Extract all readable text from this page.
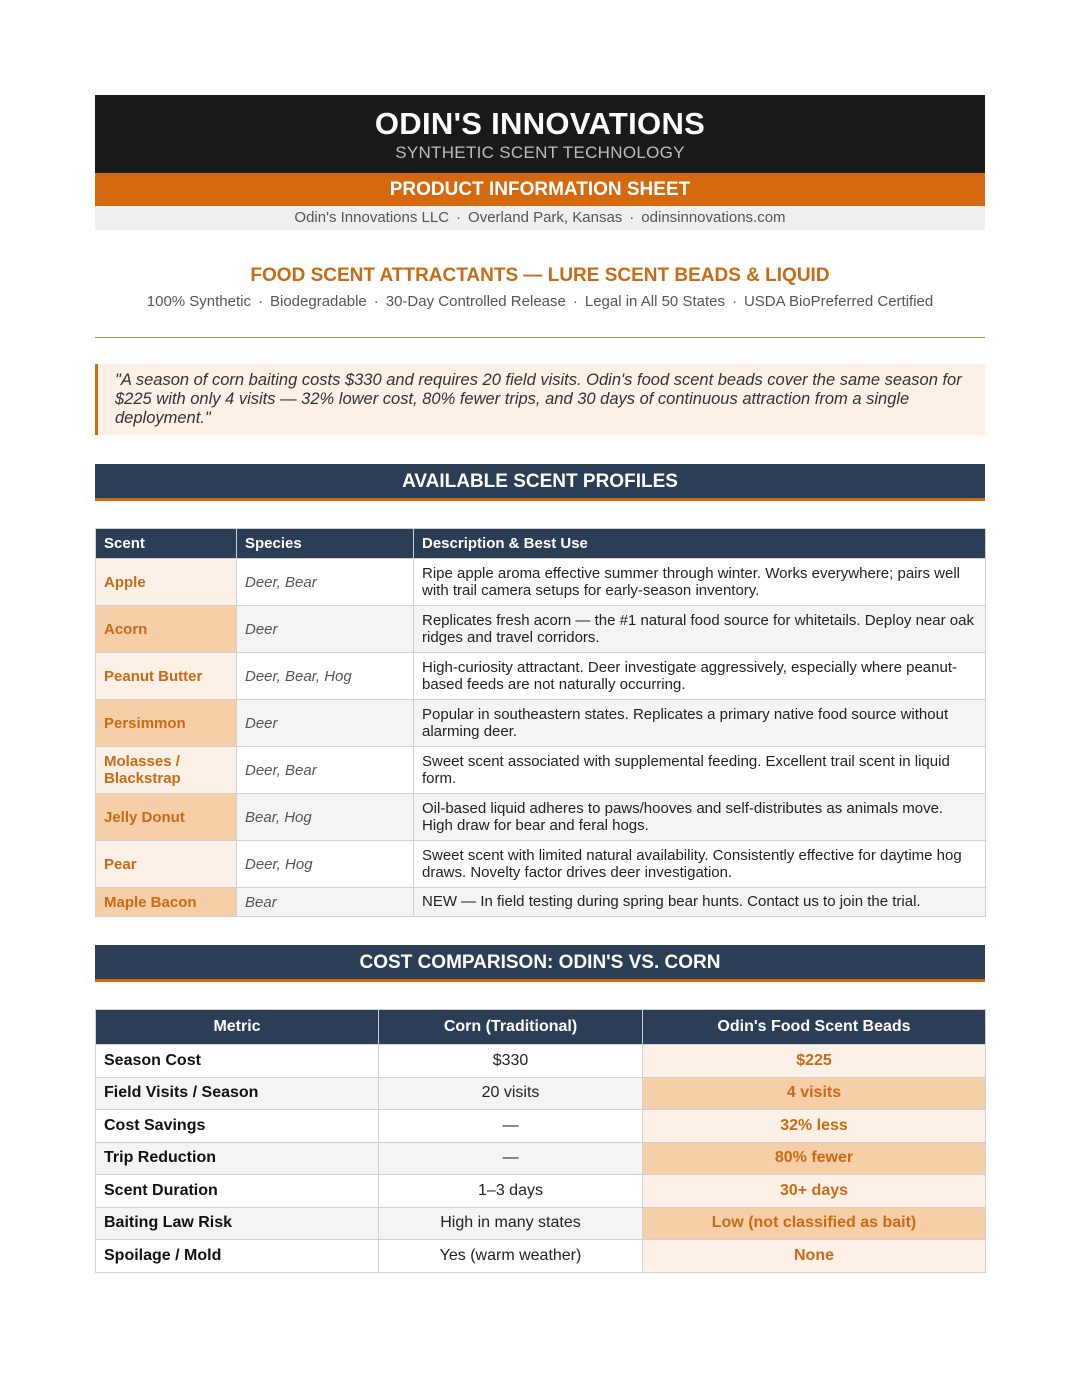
ODIN'S INNOVATIONS
SYNTHETIC SCENT TECHNOLOGY
PRODUCT INFORMATION SHEET
Odin's Innovations LLC · Overland Park, Kansas · odinsinnovations.com
FOOD SCENT ATTRACTANTS — LURE SCENT BEADS & LIQUID
100% Synthetic · Biodegradable · 30-Day Controlled Release · Legal in All 50 States · USDA BioPreferred Certified
"A season of corn baiting costs $330 and requires 20 field visits. Odin's food scent beads cover the same season for $225 with only 4 visits — 32% lower cost, 80% fewer trips, and 30 days of continuous attraction from a single deployment."
AVAILABLE SCENT PROFILES
Scent	Species	Description & Best Use
Apple	Deer, Bear	Ripe apple aroma effective summer through winter. Works everywhere; pairs well with trail camera setups for early-season inventory.
Acorn	Deer	Replicates fresh acorn — the #1 natural food source for whitetails. Deploy near oak ridges and travel corridors.
Peanut Butter	Deer, Bear, Hog	High-curiosity attractant. Deer investigate aggressively, especially where peanut-based feeds are not naturally occurring.
Persimmon	Deer	Popular in southeastern states. Replicates a primary native food source without alarming deer.
Molasses / Blackstrap	Deer, Bear	Sweet scent associated with supplemental feeding. Excellent trail scent in liquid form.
Jelly Donut	Bear, Hog	Oil-based liquid adheres to paws/hooves and self-distributes as animals move. High draw for bear and feral hogs.
Pear	Deer, Hog	Sweet scent with limited natural availability. Consistently effective for daytime hog draws. Novelty factor drives deer investigation.
Maple Bacon	Bear	NEW — In field testing during spring bear hunts. Contact us to join the trial.
COST COMPARISON: ODIN'S VS. CORN
Metric	Corn (Traditional)	Odin's Food Scent Beads
Season Cost	$330	$225
Field Visits / Season	20 visits	4 visits
Cost Savings	—	32% less
Trip Reduction	—	80% fewer
Scent Duration	1–3 days	30+ days
Baiting Law Risk	High in many states	Low (not classified as bait)
Spoilage / Mold	Yes (warm weather)	None
